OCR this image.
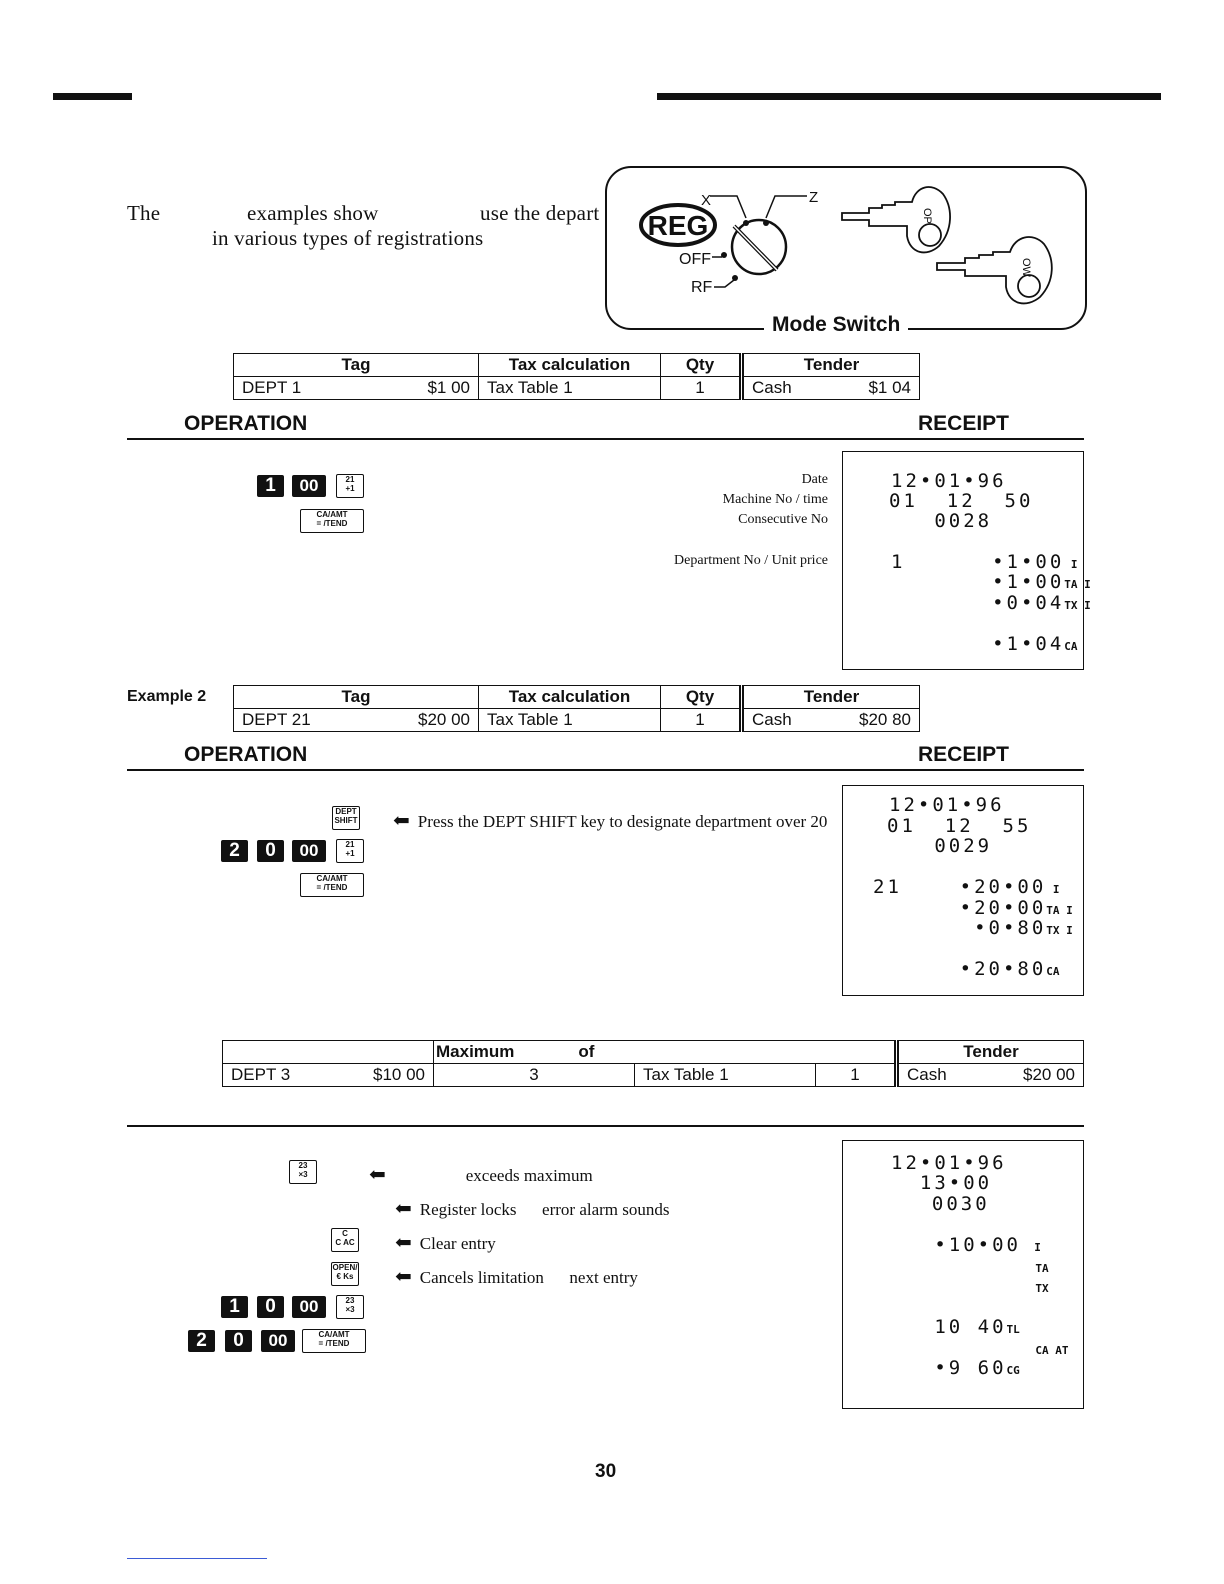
The	examples show	use the depart
in various types of registrations	REG
X	Z
OFF
RF
OP
OW
Mode Switch
Tag	Tax calculation	Qty	Tender

DEPT 1 $1 00	Tax Table 1	1	Cash $1 04
OPERATION	RECEIPT
1	00	21
+1
CA/AMT
= /TEND
Date
Machine No / time
Consecutive No
Department No / Unit price
12•01•96
01  12  50
0028
1      •1•00 I
•1•00TA I
•0•04TX I
•1•04CA
Example 2	Tag	Tax calculation	Qty	Tender

DEPT 21 $20 00	Tax Table 1	1	Cash $20 80
OPERATION	RECEIPT
DEPT
SHIFT ⬅ Press the DEPT SHIFT key to designate department over 20
2	0	00	21
+1
CA/AMT
= /TEND
12•01•96
01  12  55
0029
21    •20•00 I
•20•00TA I
•0•80TX I
•20•80CA
	Maximum of			Tender

DEPT 3 $10 00	3	Tax Table 1	1	Cash $20 00
23
×3	⬅	exceeds maximum
⬅ Register locks      error alarm sounds
C
C AC ⬅ Clear entry
OPEN/
€ Ks ⬅ Cancels limitation      next entry
1	0	00	23
×3
2	0	00	CA/AMT
= /TEND
12•01•96
13•00
0030
•10•00  I
TA
TX
10 40TL
CA AT
•9 60CG
30
